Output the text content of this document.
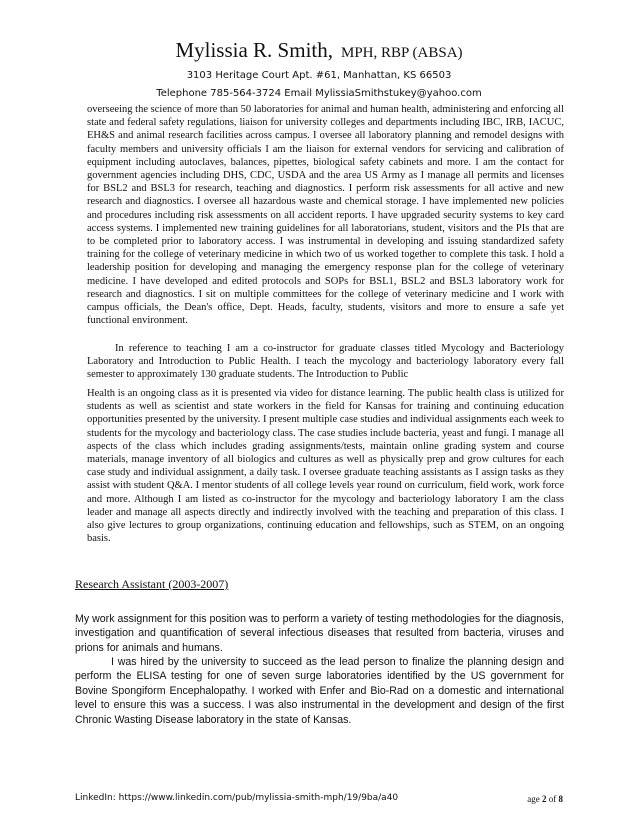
Mylissia R. Smith, MPH, RBP (ABSA)
3103 Heritage Court Apt. #61, Manhattan, KS 66503
Telephone 785-564-3724 Email MylissiaSmithstukey@yahoo.com

overseeing the science of more than 50 laboratories for animal and human health, administering and enforcing all state and federal safety regulations, liaison for university colleges and departments including IBC, IRB, IACUC, EH&S and animal research facilities across campus. I oversee all laboratory planning and remodel designs with faculty members and university officials I am the liaison for external vendors for servicing and calibration of equipment including autoclaves, balances, pipettes, biological safety cabinets and more. I am the contact for government agencies including DHS, CDC, USDA and the area US Army as I manage all permits and licenses for BSL2 and BSL3 for research, teaching and diagnostics. I perform risk assessments for all active and new research and diagnostics. I oversee all hazardous waste and chemical storage. I have implemented new policies and procedures including risk assessments on all accident reports. I have upgraded security systems to key card access systems. I implemented new training guidelines for all laboratorians, student, visitors and the PIs that are to be completed prior to laboratory access. I was instrumental in developing and issuing standardized safety training for the college of veterinary medicine in which two of us worked together to complete this task. I hold a leadership position for developing and managing the emergency response plan for the college of veterinary medicine. I have developed and edited protocols and SOPs for BSL1, BSL2 and BSL3 laboratory work for research and diagnostics. I sit on multiple committees for the college of veterinary medicine and I work with campus officials, the Dean's office, Dept. Heads, faculty, students, visitors and more to ensure a safe yet functional environment.

In reference to teaching I am a co-instructor for graduate classes titled Mycology and Bacteriology Laboratory and Introduction to Public Health. I teach the mycology and bacteriology laboratory every fall semester to approximately 130 graduate students. The Introduction to Public

Health is an ongoing class as it is presented via video for distance learning. The public health class is utilized for students as well as scientist and state workers in the field for Kansas for training and continuing education opportunities presented by the university. I present multiple case studies and individual assignments each week to students for the mycology and bacteriology class. The case studies include bacteria, yeast and fungi. I manage all aspects of the class which includes grading assignments/tests, maintain online grading system and course materials, manage inventory of all biologics and cultures as well as physically prep and grow cultures for each case study and individual assignment, a daily task. I oversee graduate teaching assistants as I assign tasks as they assist with student Q&A. I mentor students of all college levels year round on curriculum, field work, work force and more. Although I am listed as co-instructor for the mycology and bacteriology laboratory I am the class leader and manage all aspects directly and indirectly involved with the teaching and preparation of this class. I also give lectures to group organizations, continuing education and fellowships, such as STEM, on an ongoing basis.

Research Assistant (2003-2007)

My work assignment for this position was to perform a variety of testing methodologies for the diagnosis, investigation and quantification of several infectious diseases that resulted from bacteria, viruses and prions for animals and humans.

I was hired by the university to succeed as the lead person to finalize the planning design and perform the ELISA testing for one of seven surge laboratories identified by the US government for Bovine Spongiform Encephalopathy. I worked with Enfer and Bio-Rad on a domestic and international level to ensure this was a success. I was also instrumental in the development and design of the first Chronic Wasting Disease laboratory in the state of Kansas.

LinkedIn: https://www.linkedin.com/pub/mylissia-smith-mph/19/9ba/a40	age 2 of 8
